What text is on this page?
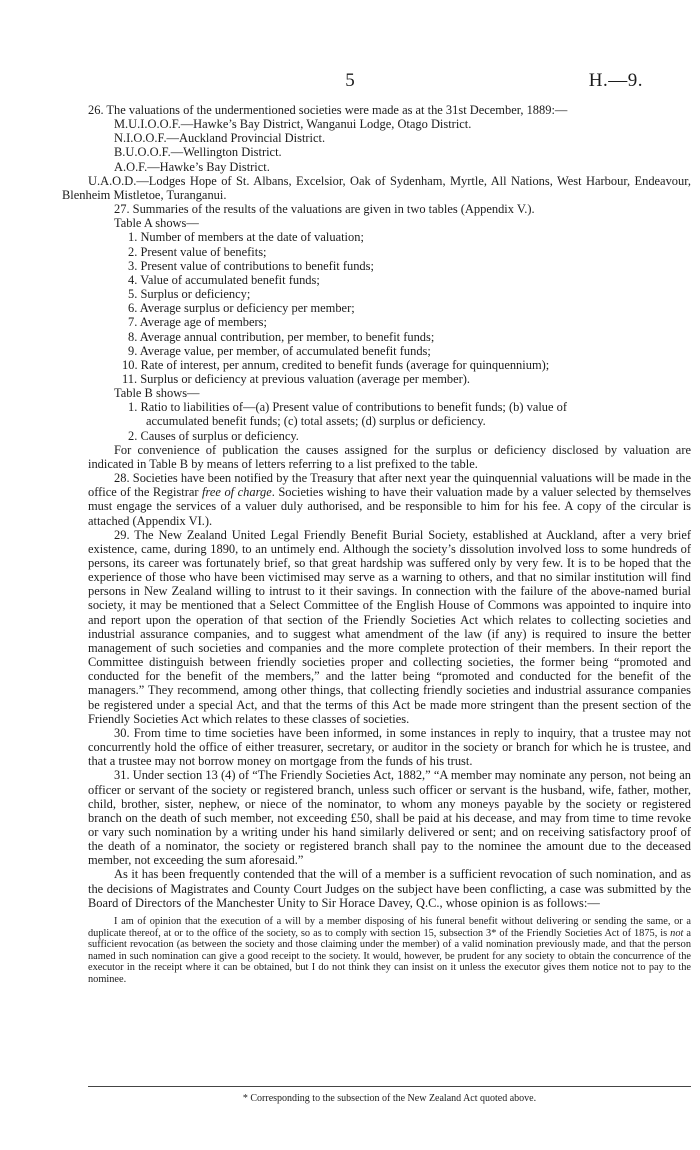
5	H.—9.

26. The valuations of the undermentioned societies were made as at the 31st December, 1889:—

M.U.I.O.O.F.—Hawke’s Bay District, Wanganui Lodge, Otago District.

N.I.O.O.F.—Auckland Provincial District.

B.U.O.O.F.—Wellington District.

A.O.F.—Hawke’s Bay District.

U.A.O.D.—Lodges Hope of St. Albans, Excelsior, Oak of Sydenham, Myrtle, All Nations, West Harbour, Endeavour, Blenheim Mistletoe, Turanganui.

27. Summaries of the results of the valuations are given in two tables (Appendix V.).

Table A shows—

1. Number of members at the date of valuation;

2. Present value of benefits;

3. Present value of contributions to benefit funds;

4. Value of accumulated benefit funds;

5. Surplus or deficiency;

6. Average surplus or deficiency per member;

7. Average age of members;

8. Average annual contribution, per member, to benefit funds;

9. Average value, per member, of accumulated benefit funds;

10. Rate of interest, per annum, credited to benefit funds (average for quinquennium);

11. Surplus or deficiency at previous valuation (average per member).

Table B shows—

1. Ratio to liabilities of—(a) Present value of contributions to benefit funds; (b) value of

accumulated benefit funds; (c) total assets; (d) surplus or deficiency.

2. Causes of surplus or deficiency.

For convenience of publication the causes assigned for the surplus or deficiency disclosed by valuation are indicated in Table B by means of letters referring to a list prefixed to the table.

28. Societies have been notified by the Treasury that after next year the quinquennial valuations will be made in the office of the Registrar free of charge. Societies wishing to have their valuation made by a valuer selected by themselves must engage the services of a valuer duly authorised, and be responsible to him for his fee. A copy of the circular is attached (Appendix VI.).

29. The New Zealand United Legal Friendly Benefit Burial Society, established at Auckland, after a very brief existence, came, during 1890, to an untimely end. Although the society’s dissolution involved loss to some hundreds of persons, its career was fortunately brief, so that great hardship was suffered only by very few. It is to be hoped that the experience of those who have been victimised may serve as a warning to others, and that no similar institution will find persons in New Zealand willing to intrust to it their savings. In connection with the failure of the above-named burial society, it may be mentioned that a Select Committee of the English House of Commons was appointed to inquire into and report upon the operation of that section of the Friendly Societies Act which relates to collecting societies and industrial assurance companies, and to suggest what amendment of the law (if any) is required to insure the better management of such societies and companies and the more complete protection of their members. In their report the Committee distinguish between friendly societies proper and collecting societies, the former being “promoted and conducted for the benefit of the members,” and the latter being “promoted and conducted for the benefit of the managers.” They recommend, among other things, that collecting friendly societies and industrial assurance companies be registered under a special Act, and that the terms of this Act be made more stringent than the present section of the Friendly Societies Act which relates to these classes of societies.

30. From time to time societies have been informed, in some instances in reply to inquiry, that a trustee may not concurrently hold the office of either treasurer, secretary, or auditor in the society or branch for which he is trustee, and that a trustee may not borrow money on mortgage from the funds of his trust.

31. Under section 13 (4) of “The Friendly Societies Act, 1882,” “A member may nominate any person, not being an officer or servant of the society or registered branch, unless such officer or servant is the husband, wife, father, mother, child, brother, sister, nephew, or niece of the nominator, to whom any moneys payable by the society or registered branch on the death of such member, not exceeding £50, shall be paid at his decease, and may from time to time revoke or vary such nomination by a writing under his hand similarly delivered or sent; and on receiving satisfactory proof of the death of a nominator, the society or registered branch shall pay to the nominee the amount due to the deceased member, not exceeding the sum aforesaid.”

As it has been frequently contended that the will of a member is a sufficient revocation of such nomination, and as the decisions of Magistrates and County Court Judges on the subject have been conflicting, a case was submitted by the Board of Directors of the Manchester Unity to Sir Horace Davey, Q.C., whose opinion is as follows:—

I am of opinion that the execution of a will by a member disposing of his funeral benefit without delivering or sending the same, or a duplicate thereof, at or to the office of the society, so as to comply with section 15, subsection 3* of the Friendly Societies Act of 1875, is not a sufficient revocation (as between the society and those claiming under the member) of a valid nomination previously made, and that the person named in such nomination can give a good receipt to the society. It would, however, be prudent for any society to obtain the concurrence of the executor in the receipt where it can be obtained, but I do not think they can insist on it unless the executor gives them notice not to pay to the nominee.

* Corresponding to the subsection of the New Zealand Act quoted above.
